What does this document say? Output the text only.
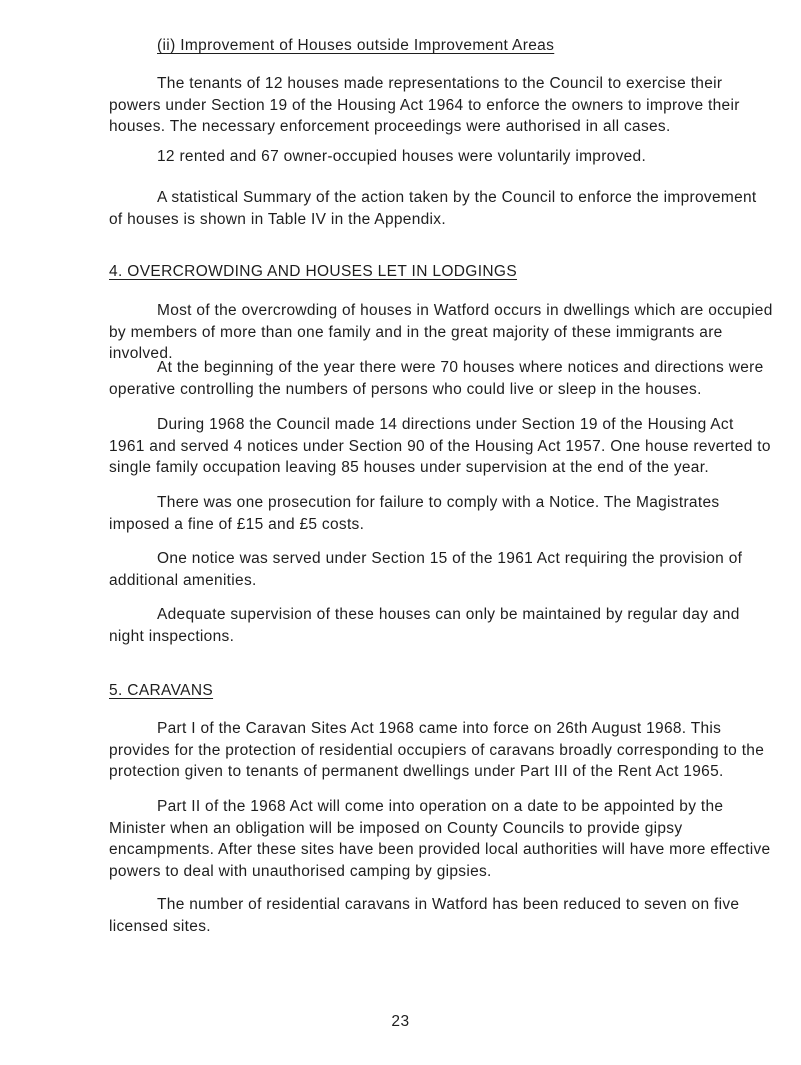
(ii) Improvement of Houses outside Improvement Areas

The tenants of 12 houses made representations to the Council to exercise their powers under Section 19 of the Housing Act 1964 to enforce the owners to improve their houses. The necessary enforcement proceedings were authorised in all cases.

12 rented and 67 owner-occupied houses were voluntarily improved.

A statistical Summary of the action taken by the Council to enforce the improvement of houses is shown in Table IV in the Appendix.

4. OVERCROWDING AND HOUSES LET IN LODGINGS

Most of the overcrowding of houses in Watford occurs in dwellings which are occupied by members of more than one family and in the great majority of these immigrants are involved.

At the beginning of the year there were 70 houses where notices and directions were operative controlling the numbers of persons who could live or sleep in the houses.

During 1968 the Council made 14 directions under Section 19 of the Housing Act 1961 and served 4 notices under Section 90 of the Housing Act 1957. One house reverted to single family occupation leaving 85 houses under supervision at the end of the year.

There was one prosecution for failure to comply with a Notice. The Magistrates imposed a fine of £15 and £5 costs.

One notice was served under Section 15 of the 1961 Act requiring the provision of additional amenities.

Adequate supervision of these houses can only be maintained by regular day and night inspections.

5. CARAVANS

Part I of the Caravan Sites Act 1968 came into force on 26th August 1968. This provides for the protection of residential occupiers of caravans broadly corresponding to the protection given to tenants of permanent dwellings under Part III of the Rent Act 1965.

Part II of the 1968 Act will come into operation on a date to be appointed by the Minister when an obligation will be imposed on County Councils to provide gipsy encampments. After these sites have been provided local authorities will have more effective powers to deal with unauthorised camping by gipsies.

The number of residential caravans in Watford has been reduced to seven on five licensed sites.

23
